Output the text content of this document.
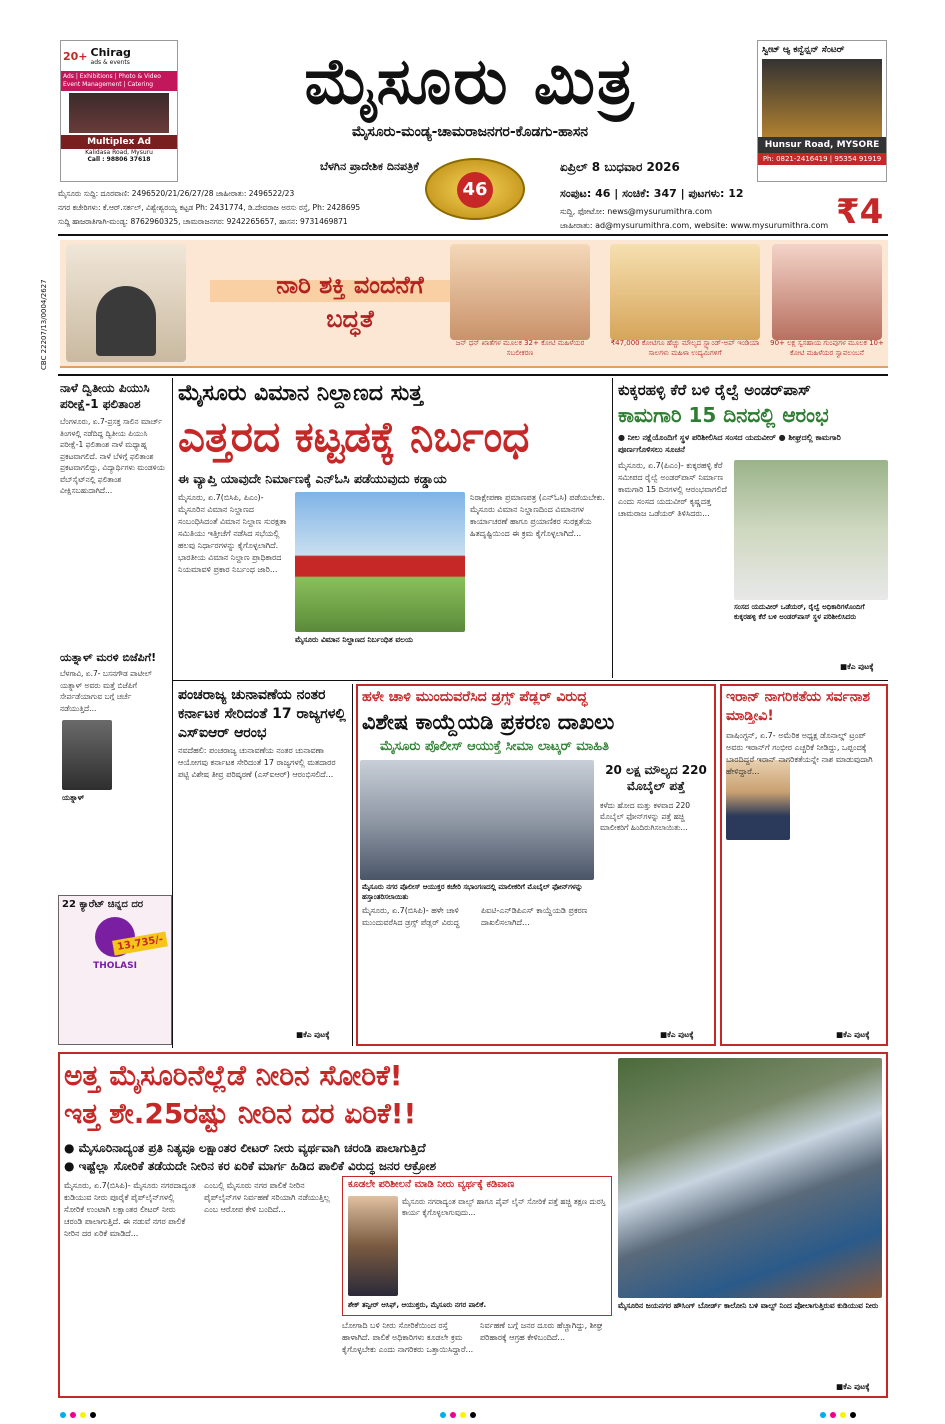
20+ Chirag
ads & events
Ads | Exhibitions | Photo & Video Event Management | Catering
Multiplex Ad
Kalidasa Road, Mysuru
Call : 98806 37618
ಮೈಸೂರು ಮಿತ್ರ
ಮೈಸೂರು-ಮಂಡ್ಯ-ಚಾಮರಾಜನಗರ-ಕೊಡಗು-ಹಾಸನ
ಸ್ವೀಟ್ ಆ್ಯ ಕನ್ವೆನ್ಷನ್ ಸೆಂಟರ್
Hunsur Road, MYSORE
Ph: 0821-2416419 | 95354 91919
ಬೆಳಗಿನ ಪ್ರಾದೇಶಿಕ ದಿನಪತ್ರಿಕೆ
46
ಏಪ್ರಿಲ್ 8 ಬುಧವಾರ 2026
ಮೈಸೂರು ಸುದ್ದಿ: ದೂರವಾಣಿ: 2496520/21/26/27/28 ಜಾಹೀರಾತು: 2496522/23
ನಗರ ಕಚೇರಿಗಳು: ಕೆ.ಆರ್.ಸರ್ಕಲ್, ವಿಶ್ವೇಶ್ವರಯ್ಯ ಕಟ್ಟಡ Ph: 2431774, ಡಿ.ದೇವರಾಜ ಅರಸು ರಸ್ತೆ, Ph: 2428695
ಸುದ್ದಿ ಹಾಜರಾತಿಗಾಗಿ-ಮಂಡ್ಯ: 8762960325, ಚಾಮರಾಜನಗರ: 9242265657, ಹಾಸನ: 9731469871
ಸಂಪುಟ: 46 | ಸಂಚಿಕೆ: 347 | ಪುಟಗಳು: 12
ಸುದ್ದಿ, ಫೋಟೋ: news@mysurumithra.com
ಜಾಹೀರಾತು: ad@mysurumithra.com, website: www.mysurumithra.com ₹4
CBC 22207/13/0004/2627	ನಾರಿ ಶಕ್ತಿ ವಂದನೆಗೆ
ಬದ್ಧತೆ
ಜನ್ ಧನ್ ಖಾತೆಗಳ ಮೂಲಕ 32+ ಕೋಟಿ ಮಹಿಳೆಯರ ಸಬಲೀಕರಣ
₹47,000 ಕೋಟಿಗೂ ಹೆಚ್ಚು ಮೌಲ್ಯದ ಸ್ಟ್ಯಾಂಡ್-ಅಪ್ ಇಂಡಿಯಾ ಸಾಲಗಳು ಮಹಿಳಾ ಉದ್ಯಮಿಗಳಿಗೆ
90+ ಲಕ್ಷ ಸ್ವಸಹಾಯ ಗುಂಪುಗಳ ಮೂಲಕ 10+ ಕೋಟಿ ಮಹಿಳೆಯರ ಸ್ವಾವಲಂಬನೆ
ನಾಳೆ ದ್ವಿತೀಯ ಪಿಯುಸಿ ಪರೀಕ್ಷೆ-1 ಫಲಿತಾಂಶ
ಬೆಂಗಳೂರು, ಏ.7-ಪ್ರಸಕ್ತ ಸಾಲಿನ ಮಾರ್ಚ್ ತಿಂಗಳಲ್ಲಿ ನಡೆದಿದ್ದ ದ್ವಿತೀಯ ಪಿಯುಸಿ ಪರೀಕ್ಷೆ-1 ಫಲಿತಾಂಶ ನಾಳೆ ಮಧ್ಯಾಹ್ನ ಪ್ರಕಟವಾಗಲಿದೆ. ನಾಳೆ ಬೆಳಿಗ್ಗೆ ಫಲಿತಾಂಶ ಪ್ರಕಟವಾಗಲಿದ್ದು, ವಿದ್ಯಾರ್ಥಿಗಳು ಮಂಡಳಿಯ ವೆಬ್‌ಸೈಟ್‌ನಲ್ಲಿ ಫಲಿತಾಂಶ ವೀಕ್ಷಿಸಬಹುದಾಗಿದೆ...
ಯತ್ನಾಳ್ ಮರಳಿ ಬಿಜೆಪಿಗೆ!
ಬೆಳಗಾವಿ, ಏ.7- ಬಸನಗೌಡ ಪಾಟೀಲ್ ಯತ್ನಾಳ್ ಅವರು ಮತ್ತೆ ಬಿಜೆಪಿಗೆ ಸೇರ್ಪಡೆಯಾಗುವ ಬಗ್ಗೆ ಚರ್ಚೆ ನಡೆಯುತ್ತಿದೆ...
ಯತ್ನಾಳ್
22 ಕ್ಯಾರೆಟ್ ಚಿನ್ನದ ದರ
THOLASI
13,735/-
ಮೈಸೂರು ವಿಮಾನ ನಿಲ್ದಾಣದ ಸುತ್ತ
ಎತ್ತರದ ಕಟ್ಟಡಕ್ಕೆ ನಿರ್ಬಂಧ
ಈ ವ್ಯಾಪ್ತಿ ಯಾವುದೇ ನಿರ್ಮಾಣಕ್ಕೆ ಎನ್‌ಓಸಿ ಪಡೆಯುವುದು ಕಡ್ಡಾಯ
ಮೈಸೂರು, ಏ.7(ಬಿಸಿಪಿ, ಪಿಎಂ)- ಮೈಸೂರಿನ ವಿಮಾನ ನಿಲ್ದಾಣದ ಸಂಬಂಧಿಸಿದಂತೆ ವಿಮಾನ ನಿಲ್ದಾಣ ಸುರಕ್ಷತಾ ಸಮಿತಿಯು ಇತ್ತೀಚೆಗೆ ನಡೆಸಿದ ಸಭೆಯಲ್ಲಿ ಹಲವು ನಿರ್ಧಾರಗಳನ್ನು ಕೈಗೊಳ್ಳಲಾಗಿದೆ. ಭಾರತೀಯ ವಿಮಾನ ನಿಲ್ದಾಣ ಪ್ರಾಧಿಕಾರದ ನಿಯಮಾವಳಿ ಪ್ರಕಾರ ನಿರ್ಬಂಧ ಜಾರಿ...
ಮೈಸೂರು ವಿಮಾನ ನಿಲ್ದಾಣದ ನಿರ್ಬಂಧಿತ ವಲಯ
ನಿರಾಕ್ಷೇಪಣಾ ಪ್ರಮಾಣಪತ್ರ (ಎನ್‌ಓಸಿ) ಪಡೆಯಬೇಕು. ಮೈಸೂರು ವಿಮಾನ ನಿಲ್ದಾಣದಿಂದ ವಿಮಾನಗಳ ಕಾರ್ಯಾಚರಣೆ ಹಾಗೂ ಪ್ರಯಾಣಿಕರ ಸುರಕ್ಷತೆಯ ಹಿತದೃಷ್ಟಿಯಿಂದ ಈ ಕ್ರಮ ಕೈಗೊಳ್ಳಲಾಗಿದೆ...
ಕುಕ್ಕರಹಳ್ಳಿ ಕೆರೆ ಬಳಿ ರೈಲ್ವೆ ಅಂಡರ್‌ಪಾಸ್
ಕಾಮಗಾರಿ 15 ದಿನದಲ್ಲಿ ಆರಂಭ
● ನೀಲ ನಕ್ಷೆಯೊಂದಿಗೆ ಸ್ಥಳ ಪರಿಶೀಲಿಸಿದ ಸಂಸದ ಯದುವೀರ್ ● ಶೀಘ್ರದಲ್ಲಿ ಕಾಮಗಾರಿ ಪೂರ್ಣಗೊಳಿಸಲು ಸೂಚನೆ
ಮೈಸೂರು, ಏ.7(ಪಿಎಂ)- ಕುಕ್ಕರಹಳ್ಳಿ ಕೆರೆ ಸಮೀಪದ ರೈಲ್ವೆ ಅಂಡರ್‌ಪಾಸ್ ನಿರ್ಮಾಣ ಕಾಮಗಾರಿ 15 ದಿನಗಳಲ್ಲಿ ಆರಂಭವಾಗಲಿದೆ ಎಂದು ಸಂಸದ ಯದುವೀರ್ ಕೃಷ್ಣದತ್ತ ಚಾಮರಾಜ ಒಡೆಯರ್ ತಿಳಿಸಿದರು...
ಸಂಸದ ಯದುವೀರ್ ಒಡೆಯರ್, ರೈಲ್ವೆ ಅಧಿಕಾರಿಗಳೊಂದಿಗೆ ಕುಕ್ಕರಹಳ್ಳಿ ಕೆರೆ ಬಳಿ ಅಂಡರ್‌ಪಾಸ್ ಸ್ಥಳ ಪರಿಶೀಲಿಸಿದರು
■ಕೆಎ ಪುಟಕ್ಕೆ
ಪಂಚರಾಜ್ಯ ಚುನಾವಣೆಯ ನಂತರ ಕರ್ನಾಟಕ ಸೇರಿದಂತೆ 17 ರಾಜ್ಯಗಳಲ್ಲಿ ಎಸ್‌ಐಆರ್ ಆರಂಭ
ನವದೆಹಲಿ: ಪಂಚರಾಜ್ಯ ಚುನಾವಣೆಯ ನಂತರ ಚುನಾವಣಾ ಆಯೋಗವು ಕರ್ನಾಟಕ ಸೇರಿದಂತೆ 17 ರಾಜ್ಯಗಳಲ್ಲಿ ಮತದಾರರ ಪಟ್ಟಿ ವಿಶೇಷ ತೀವ್ರ ಪರಿಷ್ಕರಣೆ (ಎಸ್‌ಐಆರ್) ಆರಂಭಿಸಲಿದೆ...
■ಕೆಎ ಪುಟಕ್ಕೆ
ಹಳೇ ಚಾಳಿ ಮುಂದುವರೆಸಿದ ಡ್ರಗ್ಸ್ ಪೆಡ್ಲರ್ ವಿರುದ್ಧ
ವಿಶೇಷ ಕಾಯ್ದೆಯಡಿ ಪ್ರಕರಣ ದಾಖಲು
ಮೈಸೂರು ಪೊಲೀಸ್ ಆಯುಕ್ತೆ ಸೀಮಾ ಲಾಟ್ಕರ್ ಮಾಹಿತಿ
ಮೈಸೂರು ನಗರ ಪೊಲೀಸ್ ಆಯುಕ್ತರ ಕಚೇರಿ ಸಭಾಂಗಣದಲ್ಲಿ ಮಾಲೀಕರಿಗೆ ಮೊಬೈಲ್ ಫೋನ್‌ಗಳನ್ನು ಹಸ್ತಾಂತರಿಸಲಾಯಿತು
ಮೈಸೂರು, ಏ.7(ಬಿಸಿಪಿ)- ಹಳೇ ಚಾಳಿ ಮುಂದುವರೆಸಿದ ಡ್ರಗ್ಸ್ ಪೆಡ್ಲರ್ ವಿರುದ್ಧ ಪಿಐಟಿ-ಎನ್‌ಡಿಪಿಎಸ್ ಕಾಯ್ದೆಯಡಿ ಪ್ರಕರಣ ದಾಖಲಿಸಲಾಗಿದೆ...
20 ಲಕ್ಷ ಮೌಲ್ಯದ 220 ಮೊಬೈಲ್ ಪತ್ತೆ
ಕಳೆದು ಹೋದ ಮತ್ತು ಕಳವಾದ 220 ಮೊಬೈಲ್ ಫೋನ್‌ಗಳನ್ನು ಪತ್ತೆ ಹಚ್ಚಿ ಮಾಲೀಕರಿಗೆ ಹಿಂದಿರುಗಿಸಲಾಯಿತು...
■ಕೆಎ ಪುಟಕ್ಕೆ
ಇರಾನ್ ನಾಗರಿಕತೆಯ ಸರ್ವನಾಶ ಮಾಡ್ತೀವಿ!
ವಾಷಿಂಗ್ಟನ್, ಏ.7- ಅಮೆರಿಕ ಅಧ್ಯಕ್ಷ ಡೊನಾಲ್ಡ್ ಟ್ರಂಪ್ ಅವರು ಇರಾನ್‌ಗೆ ಗಂಭೀರ ಎಚ್ಚರಿಕೆ ನೀಡಿದ್ದು, ಒಪ್ಪಂದಕ್ಕೆ ಬಾರದಿದ್ದರೆ ಇರಾನ್ ನಾಗರಿಕತೆಯನ್ನೇ ನಾಶ ಮಾಡುವುದಾಗಿ ಹೇಳಿದ್ದಾರೆ...
■ಕೆಎ ಪುಟಕ್ಕೆ
ಅತ್ತ ಮೈಸೂರಿನೆಲ್ಲೆಡೆ ನೀರಿನ ಸೋರಿಕೆ!
ಇತ್ತ ಶೇ.25ರಷ್ಟು ನೀರಿನ ದರ ಏರಿಕೆ!!
● ಮೈಸೂರಿನಾದ್ಯಂತ ಪ್ರತಿ ನಿತ್ಯವೂ ಲಕ್ಷಾಂತರ ಲೀಟರ್ ನೀರು ವ್ಯರ್ಥವಾಗಿ ಚರಂಡಿ ಪಾಲಾಗುತ್ತಿದೆ
● ಇಷ್ಟೆಲ್ಲಾ ಸೋರಿಕೆ ತಡೆಯದೇ ನೀರಿನ ಕರ ಏರಿಕೆ ಮಾರ್ಗ ಹಿಡಿದ ಪಾಲಿಕೆ ವಿರುದ್ಧ ಜನರ ಆಕ್ರೋಶ
ಮೈಸೂರು, ಏ.7(ಬಿಸಿಪಿ)- ಮೈಸೂರು ನಗರದಾದ್ಯಂತ ಕುಡಿಯುವ ನೀರು ಪೂರೈಕೆ ಪೈಪ್‌ಲೈನ್‌ಗಳಲ್ಲಿ ಸೋರಿಕೆ ಉಂಟಾಗಿ ಲಕ್ಷಾಂತರ ಲೀಟರ್ ನೀರು ಚರಂಡಿ ಪಾಲಾಗುತ್ತಿದೆ. ಈ ನಡುವೆ ನಗರ ಪಾಲಿಕೆ ನೀರಿನ ದರ ಏರಿಕೆ ಮಾಡಿದೆ...
ಎಂಬಲ್ಲಿ ಮೈಸೂರು ನಗರ ಪಾಲಿಕೆ ನೀರಿನ ಪೈಪ್‌ಲೈನ್‌ಗಳ ನಿರ್ವಹಣೆ ಸರಿಯಾಗಿ ನಡೆಯುತ್ತಿಲ್ಲ ಎಂಬ ಆರೋಪ ಕೇಳಿ ಬಂದಿದೆ...
ಕೂಡಲೇ ಪರಿಶೀಲನೆ ಮಾಡಿ ನೀರು ವ್ಯರ್ಥಕ್ಕೆ ಕಡಿವಾಣ
ಮೈಸೂರು ನಗರಾದ್ಯಂತ ವಾಲ್ವ್ ಹಾಗೂ ಪೈಪ್ ಲೈನ್ ಸೋರಿಕೆ ಪತ್ತೆ ಹಚ್ಚಿ ತಕ್ಷಣ ದುರಸ್ತಿ ಕಾರ್ಯ ಕೈಗೊಳ್ಳಲಾಗುವುದು...
ಶೇಕ್ ತನ್ವೀರ್ ಆಸಿಫ್, ಆಯುಕ್ತರು, ಮೈಸೂರು ನಗರ ಪಾಲಿಕೆ.
ಬೋಗಾದಿ ಬಳಿ ನೀರು ಸೋರಿಕೆಯಿಂದ ರಸ್ತೆ ಹಾಳಾಗಿದೆ. ಪಾಲಿಕೆ ಅಧಿಕಾರಿಗಳು ಕೂಡಲೇ ಕ್ರಮ ಕೈಗೊಳ್ಳಬೇಕು ಎಂದು ನಾಗರಿಕರು ಒತ್ತಾಯಿಸಿದ್ದಾರೆ...
ನಿರ್ವಹಣೆ ಬಗ್ಗೆ ಜನರ ದೂರು ಹೆಚ್ಚಾಗಿದ್ದು, ಶೀಘ್ರ ಪರಿಹಾರಕ್ಕೆ ಆಗ್ರಹ ಕೇಳಿಬಂದಿದೆ...
ಮೈಸೂರಿನ ಜಯನಗರ ಹೌಸಿಂಗ್ ಬೋರ್ಡ್ ಕಾಲೋನಿ ಬಳಿ ವಾಲ್ವ್ ನಿಂದ ಪೋಲಾಗುತ್ತಿರುವ ಕುಡಿಯುವ ನೀರು
■ಕೆಎ ಪುಟಕ್ಕೆ
